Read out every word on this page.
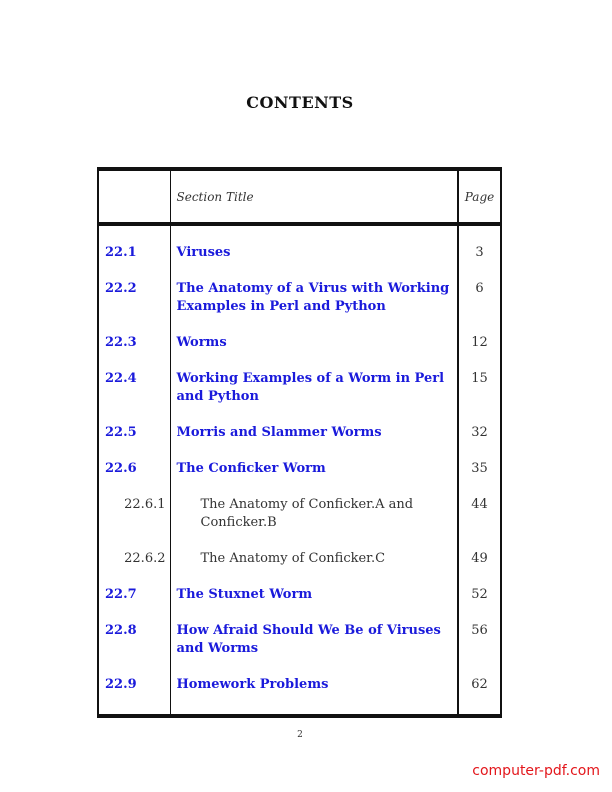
CONTENTS
	Section Title	Page
22.1	Viruses	3
22.2	The Anatomy of a Virus with Working Examples in Perl and Python	6
22.3	Worms	12
22.4	Working Examples of a Worm in Perl and Python	15
22.5	Morris and Slammer Worms	32
22.6	The Conficker Worm	35
22.6.1	The Anatomy of Conficker.A and Conficker.B	44
22.6.2	The Anatomy of Conficker.C	49
22.7	The Stuxnet Worm	52
22.8	How Afraid Should We Be of Viruses and Worms	56
22.9	Homework Problems	62
2
computer-pdf.com
